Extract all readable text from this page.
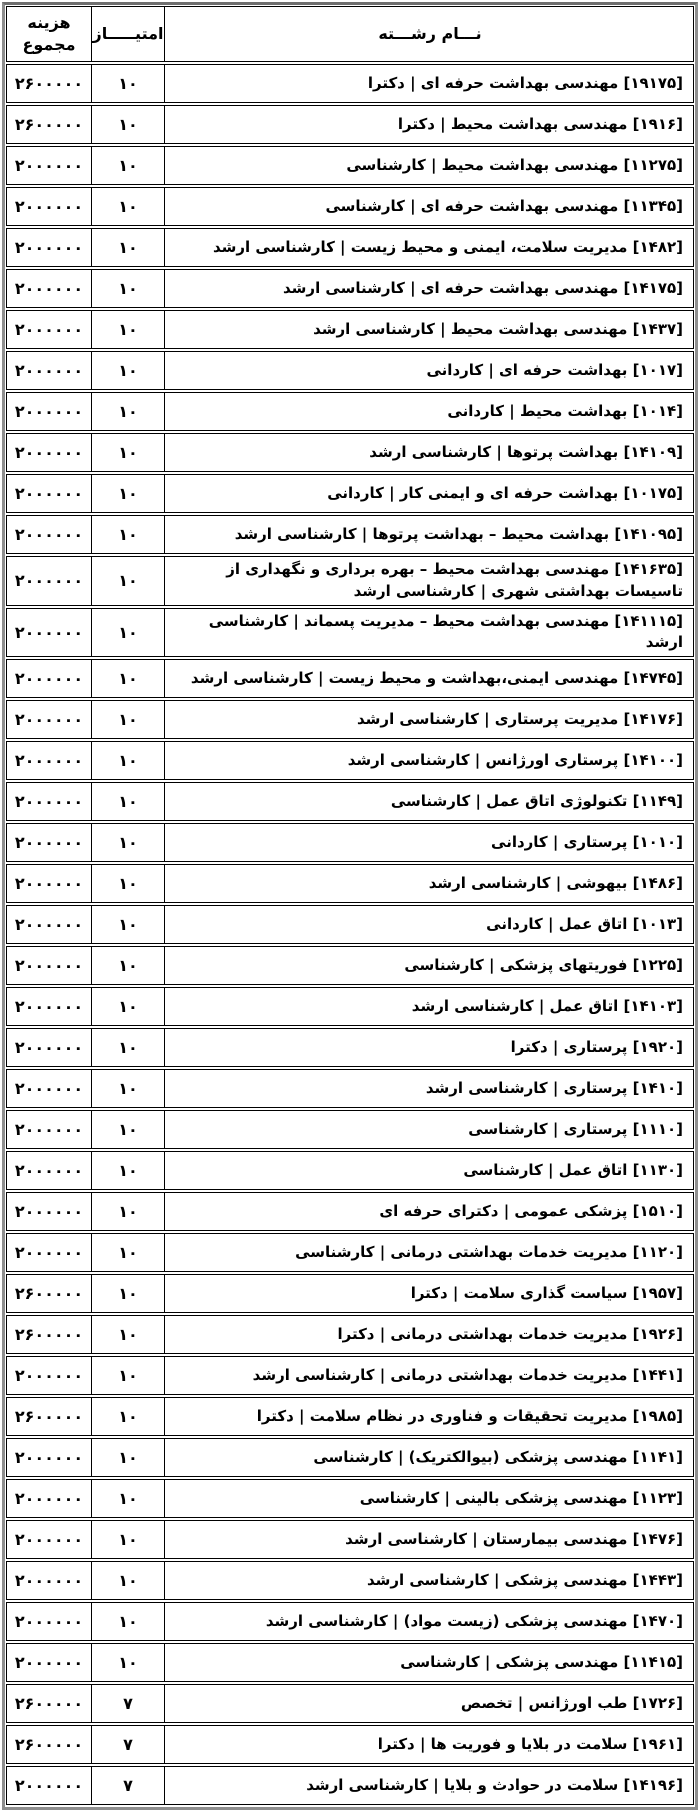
نـــام رشـــته
امتیـــــاز
هزینه
مجموع
[۱۹۱۷۵] مهندسی بهداشت حرفه ای | دکترا
۱۰
۲۶۰۰۰۰۰
[۱۹۱۶] مهندسی بهداشت محیط | دکترا
۱۰
۲۶۰۰۰۰۰
[۱۱۲۷۵] مهندسی بهداشت محیط | کارشناسی
۱۰
۲۰۰۰۰۰۰
[۱۱۳۴۵] مهندسی بهداشت حرفه ای | کارشناسی
۱۰
۲۰۰۰۰۰۰
[۱۴۸۲] مدیریت سلامت، ایمنی و محیط زیست | کارشناسی ارشد
۱۰
۲۰۰۰۰۰۰
[۱۴۱۷۵] مهندسی بهداشت حرفه ای | کارشناسی ارشد
۱۰
۲۰۰۰۰۰۰
[۱۴۳۷] مهندسی بهداشت محیط | کارشناسی ارشد
۱۰
۲۰۰۰۰۰۰
[۱۰۱۷] بهداشت حرفه ای | کاردانی
۱۰
۲۰۰۰۰۰۰
[۱۰۱۴] بهداشت محیط | کاردانی
۱۰
۲۰۰۰۰۰۰
[۱۴۱۰۹] بهداشت پرتوها | کارشناسی ارشد
۱۰
۲۰۰۰۰۰۰
[۱۰۱۷۵] بهداشت حرفه ای و ایمنی کار | کاردانی
۱۰
۲۰۰۰۰۰۰
[۱۴۱۰۹۵] بهداشت محیط – بهداشت پرتوها | کارشناسی ارشد
۱۰
۲۰۰۰۰۰۰
[۱۴۱۶۳۵] مهندسی بهداشت محیط – بهره برداری و نگهداری از تاسیسات بهداشتی شهری | کارشناسی ارشد
۱۰
۲۰۰۰۰۰۰
[۱۴۱۱۱۵] مهندسی بهداشت محیط – مدیریت پسماند | کارشناسی ارشد
۱۰
۲۰۰۰۰۰۰
[۱۴۷۴۵] مهندسی ایمنی،بهداشت و محیط زیست | کارشناسی ارشد
۱۰
۲۰۰۰۰۰۰
[۱۴۱۷۶] مدیریت پرستاری | کارشناسی ارشد
۱۰
۲۰۰۰۰۰۰
[۱۴۱۰۰] پرستاری اورژانس | کارشناسی ارشد
۱۰
۲۰۰۰۰۰۰
[۱۱۴۹] تکنولوژی اتاق عمل | کارشناسی
۱۰
۲۰۰۰۰۰۰
[۱۰۱۰] پرستاری | کاردانی
۱۰
۲۰۰۰۰۰۰
[۱۴۸۶] بیهوشی | کارشناسی ارشد
۱۰
۲۰۰۰۰۰۰
[۱۰۱۳] اتاق عمل | کاردانی
۱۰
۲۰۰۰۰۰۰
[۱۲۲۵] فوریتهای پزشکی | کارشناسی
۱۰
۲۰۰۰۰۰۰
[۱۴۱۰۳] اتاق عمل | کارشناسی ارشد
۱۰
۲۰۰۰۰۰۰
[۱۹۲۰] پرستاری | دکترا
۱۰
۲۰۰۰۰۰۰
[۱۴۱۰] پرستاری | کارشناسی ارشد
۱۰
۲۰۰۰۰۰۰
[۱۱۱۰] پرستاری | کارشناسی
۱۰
۲۰۰۰۰۰۰
[۱۱۳۰] اتاق عمل | کارشناسی
۱۰
۲۰۰۰۰۰۰
[۱۵۱۰] پزشکی عمومی | دکترای حرفه ای
۱۰
۲۰۰۰۰۰۰
[۱۱۲۰] مدیریت خدمات بهداشتی درمانی | کارشناسی
۱۰
۲۰۰۰۰۰۰
[۱۹۵۷] سیاست گذاری سلامت | دکترا
۱۰
۲۶۰۰۰۰۰
[۱۹۲۶] مدیریت خدمات بهداشتی درمانی | دکترا
۱۰
۲۶۰۰۰۰۰
[۱۴۴۱] مدیریت خدمات بهداشتی درمانی | کارشناسی ارشد
۱۰
۲۰۰۰۰۰۰
[۱۹۸۵] مدیریت تحقیقات و فناوری در نظام سلامت | دکترا
۱۰
۲۶۰۰۰۰۰
[۱۱۴۱] مهندسی پزشکی (بیوالکتریک) | کارشناسی
۱۰
۲۰۰۰۰۰۰
[۱۱۲۳] مهندسی پزشکی بالینی | کارشناسی
۱۰
۲۰۰۰۰۰۰
[۱۴۷۶] مهندسی بیمارستان | کارشناسی ارشد
۱۰
۲۰۰۰۰۰۰
[۱۴۴۳] مهندسی پزشکی | کارشناسی ارشد
۱۰
۲۰۰۰۰۰۰
[۱۴۷۰] مهندسی پزشکی (زیست مواد) | کارشناسی ارشد
۱۰
۲۰۰۰۰۰۰
[۱۱۴۱۵] مهندسی پزشکی | کارشناسی
۱۰
۲۰۰۰۰۰۰
[۱۷۲۶] طب اورژانس | تخصص
۷
۲۶۰۰۰۰۰
[۱۹۶۱] سلامت در بلایا و فوریت ها | دکترا
۷
۲۶۰۰۰۰۰
[۱۴۱۹۶] سلامت در حوادث و بلایا | کارشناسی ارشد
۷
۲۰۰۰۰۰۰
